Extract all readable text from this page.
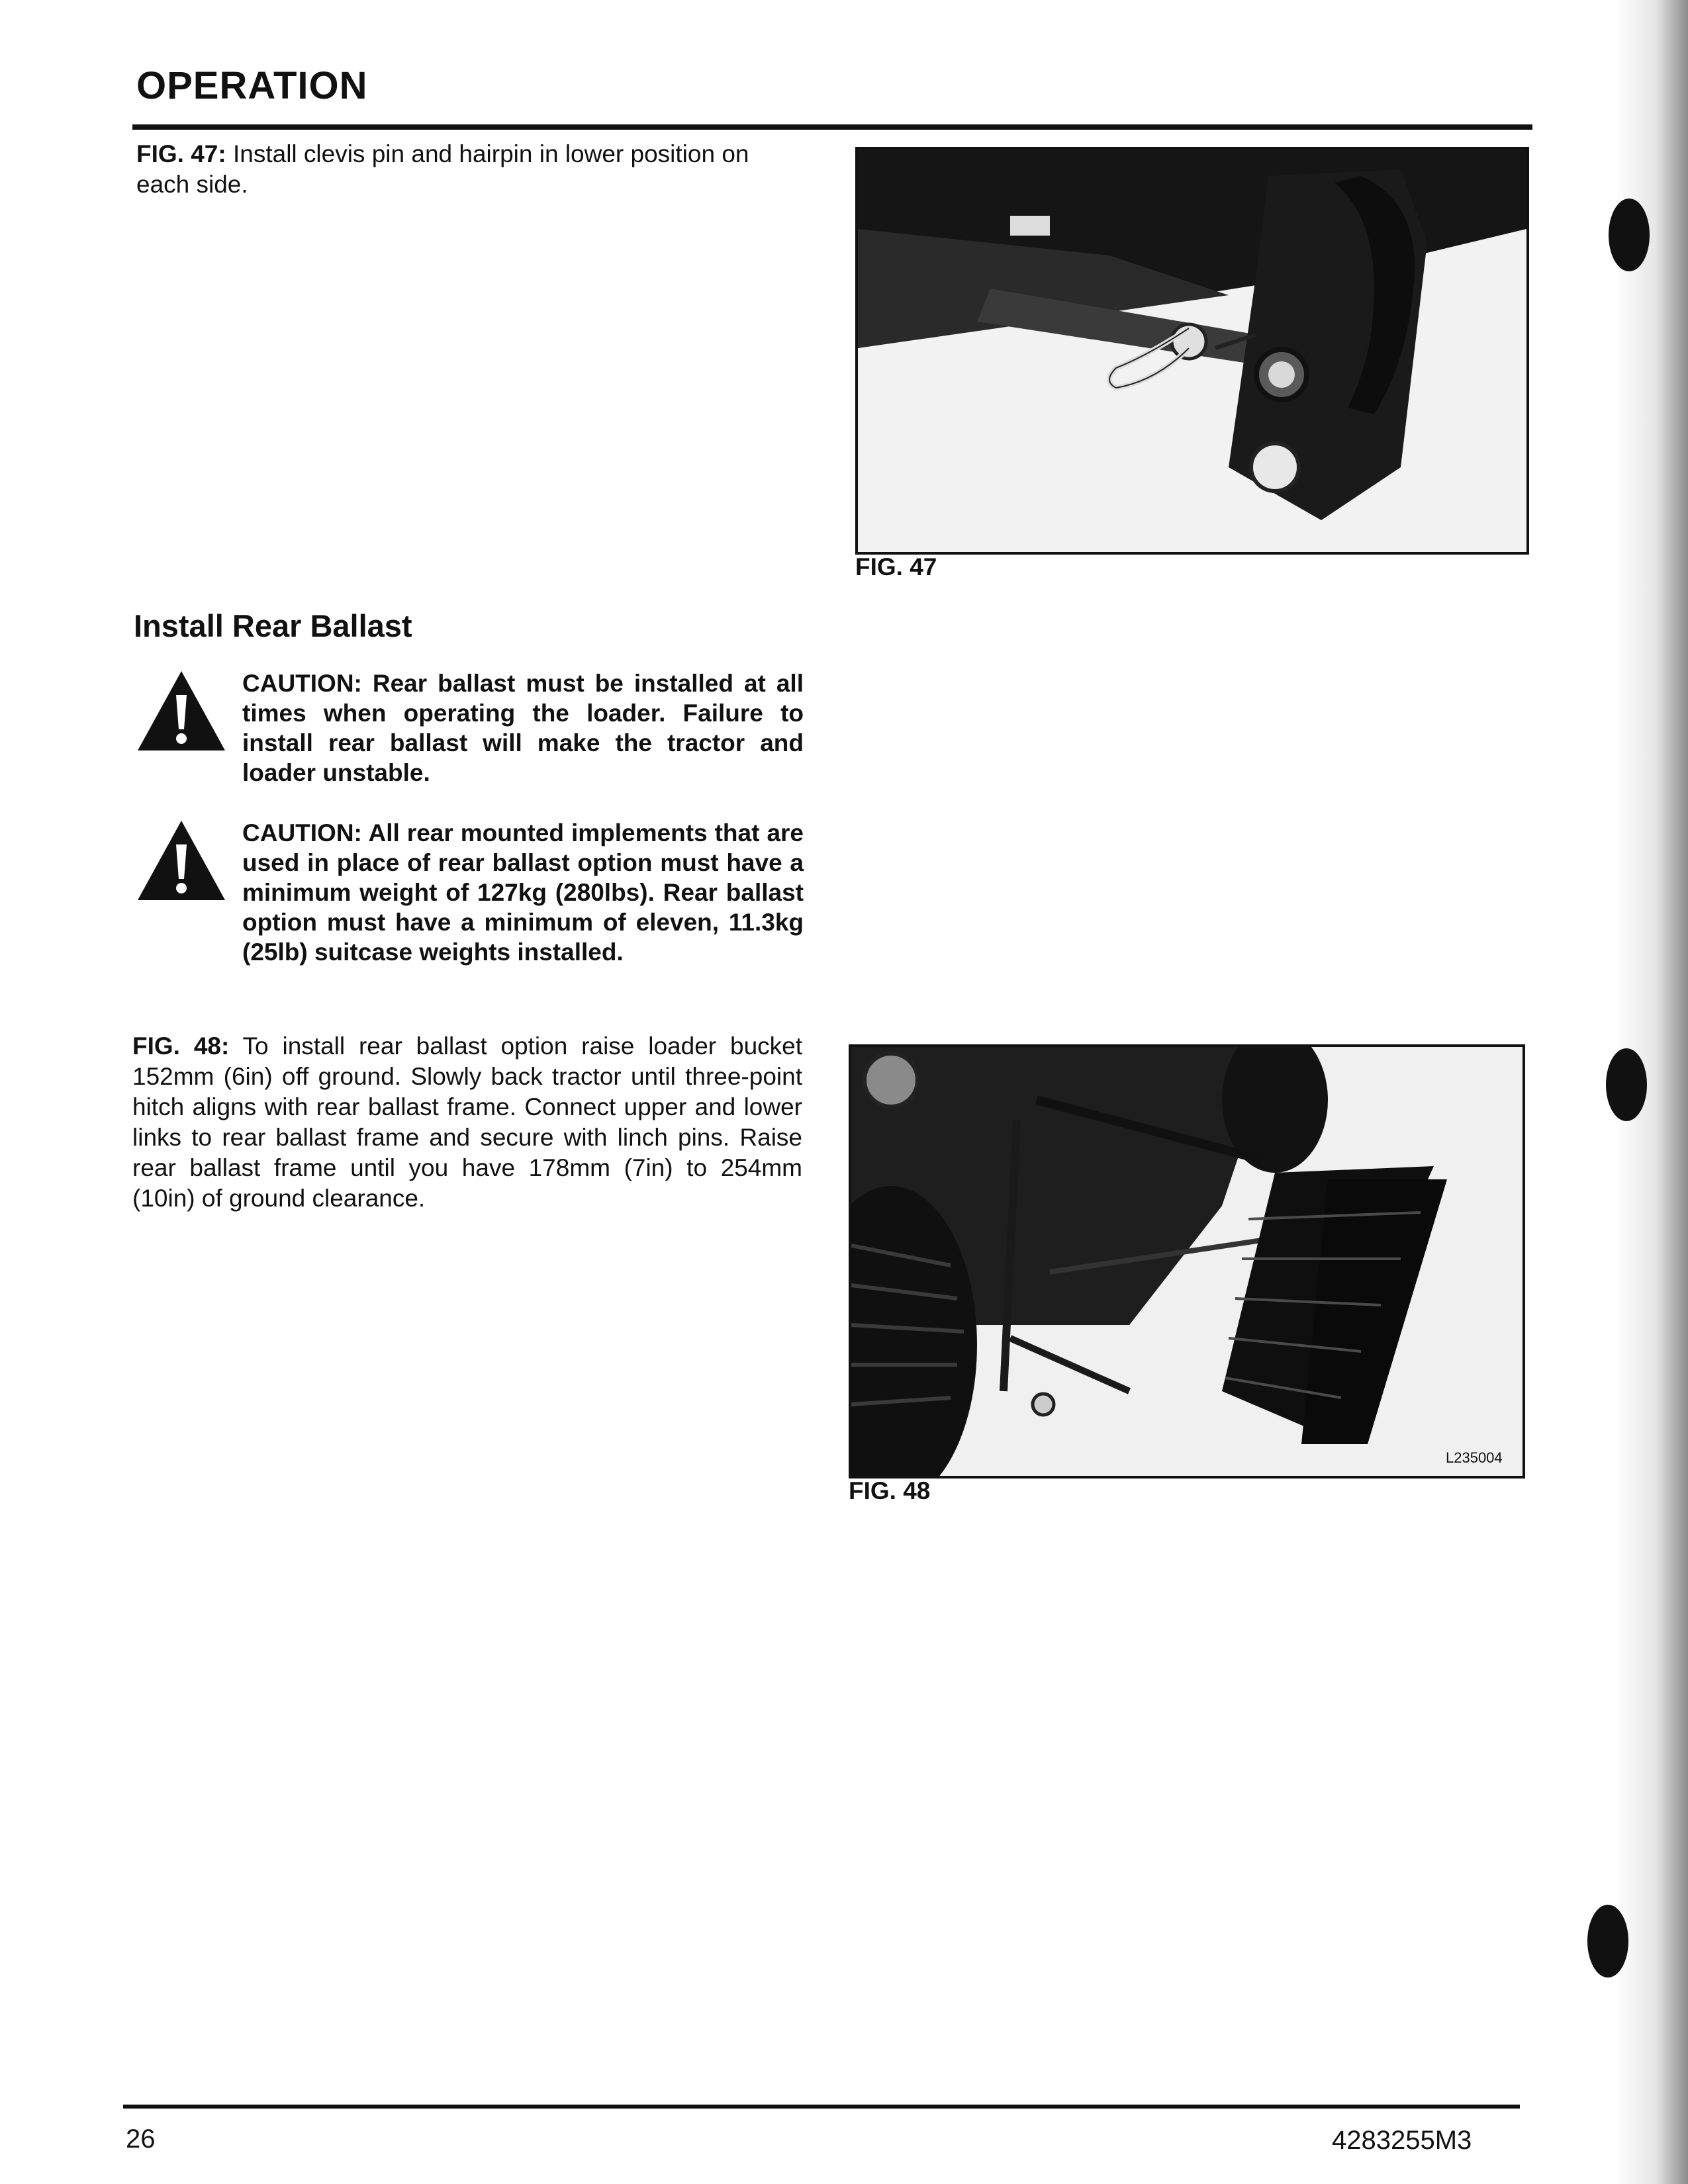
OPERATION
FIG. 47: Install clevis pin and hairpin in lower position on each side.
FIG. 47
Install Rear Ballast
CAUTION: Rear ballast must be installed at all times when operating the loader. Failure to install rear ballast will make the tractor and loader unstable.
CAUTION: All rear mounted implements that are used in place of rear ballast option must have a minimum weight of 127kg (280lbs). Rear ballast option must have a minimum of eleven, 11.3kg (25lb) suitcase weights installed.
FIG. 48: To install rear ballast option raise loader bucket 152mm (6in) off ground. Slowly back tractor until three-point hitch aligns with rear ballast frame. Connect upper and lower links to rear ballast frame and secure with linch pins. Raise rear ballast frame until you have 178mm (7in) to 254mm (10in) of ground clearance.
L235004
FIG. 48
26	4283255M3
